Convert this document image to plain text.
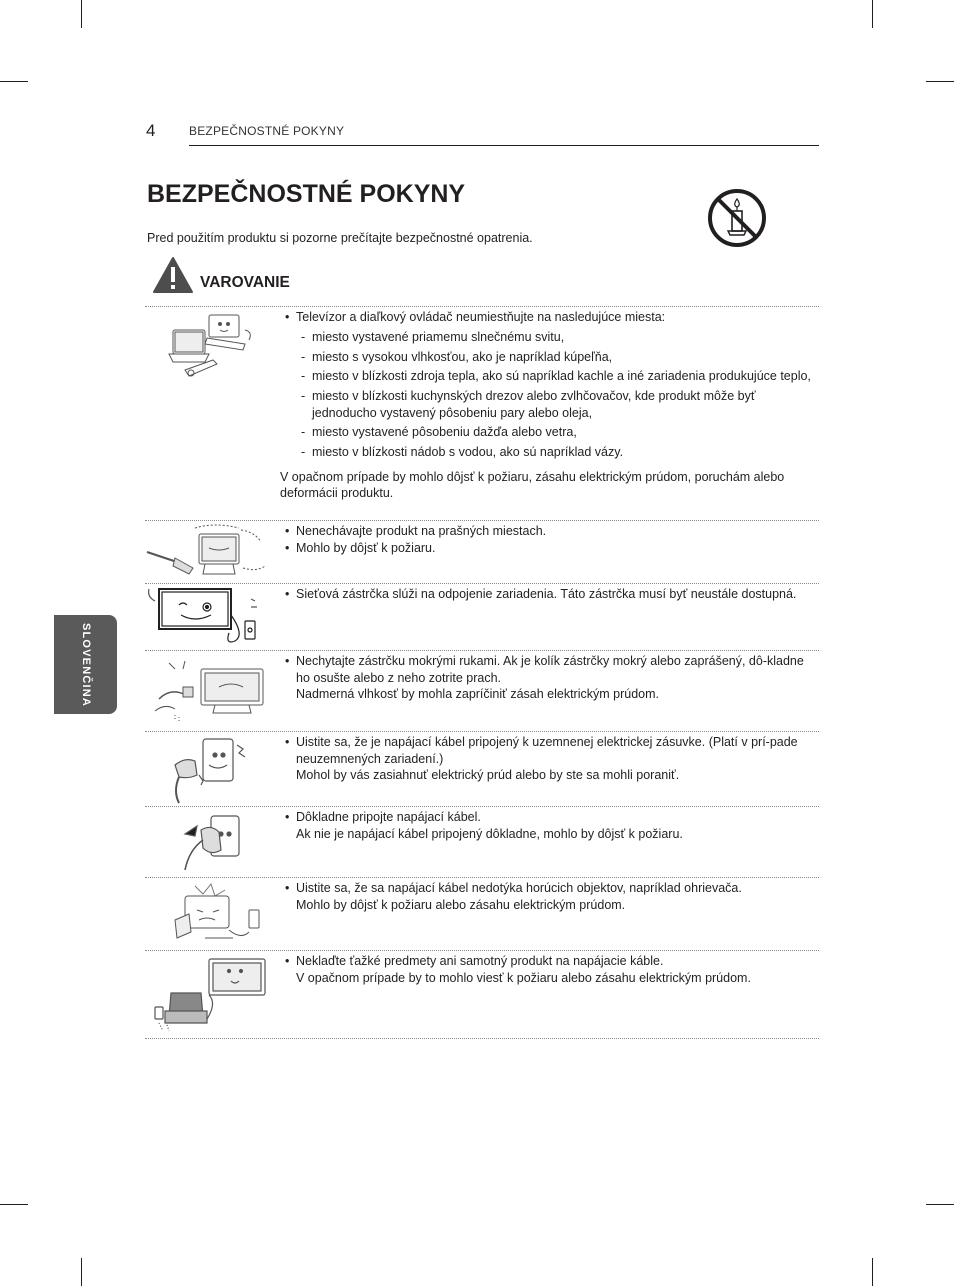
4	BEZPEČNOSTNÉ POKYNY
BEZPEČNOSTNÉ POKYNY
Pred použitím produktu si pozorne prečítajte bezpečnostné opatrenia.
VAROVANIE
SLOVENČINA
• Televízor a diaľkový ovládač neumiestňujte na nasledujúce miesta:
- miesto vystavené priamemu slnečnému svitu,
- miesto s vysokou vlhkosťou, ako je napríklad kúpeľňa,
- miesto v blízkosti zdroja tepla, ako sú napríklad kachle a iné zariadenia produkujúce teplo,
- miesto v blízkosti kuchynských drezov alebo zvlhčovačov, kde produkt môže byť jednoducho vystavený pôsobeniu pary alebo oleja,
- miesto vystavené pôsobeniu dažďa alebo vetra,
- miesto v blízkosti nádob s vodou, ako sú napríklad vázy.
V opačnom prípade by mohlo dôjsť k požiaru, zásahu elektrickým prúdom, poruchám alebo deformácii produktu.
• Nenechávajte produkt na prašných miestach.
• Mohlo by dôjsť k požiaru.
• Sieťová zástrčka slúži na odpojenie zariadenia. Táto zástrčka musí byť neustále dostupná.
• Nechytajte zástrčku mokrými rukami. Ak je kolík zástrčky mokrý alebo zaprášený, dô-kladne ho osušte alebo z neho zotrite prach.
Nadmerná vlhkosť by mohla zapríčiniť zásah elektrickým prúdom.
• Uistite sa, že je napájací kábel pripojený k uzemnenej elektrickej zásuvke. (Platí v prí-pade neuzemnených zariadení.)
Mohol by vás zasiahnuť elektrický prúd alebo by ste sa mohli poraniť.
• Dôkladne pripojte napájací kábel.
Ak nie je napájací kábel pripojený dôkladne, mohlo by dôjsť k požiaru.
• Uistite sa, že sa napájací kábel nedotýka horúcich objektov, napríklad ohrievača.
Mohlo by dôjsť k požiaru alebo zásahu elektrickým prúdom.
• Neklaďte ťažké predmety ani samotný produkt na napájacie káble.
V opačnom prípade by to mohlo viesť k požiaru alebo zásahu elektrickým prúdom.
